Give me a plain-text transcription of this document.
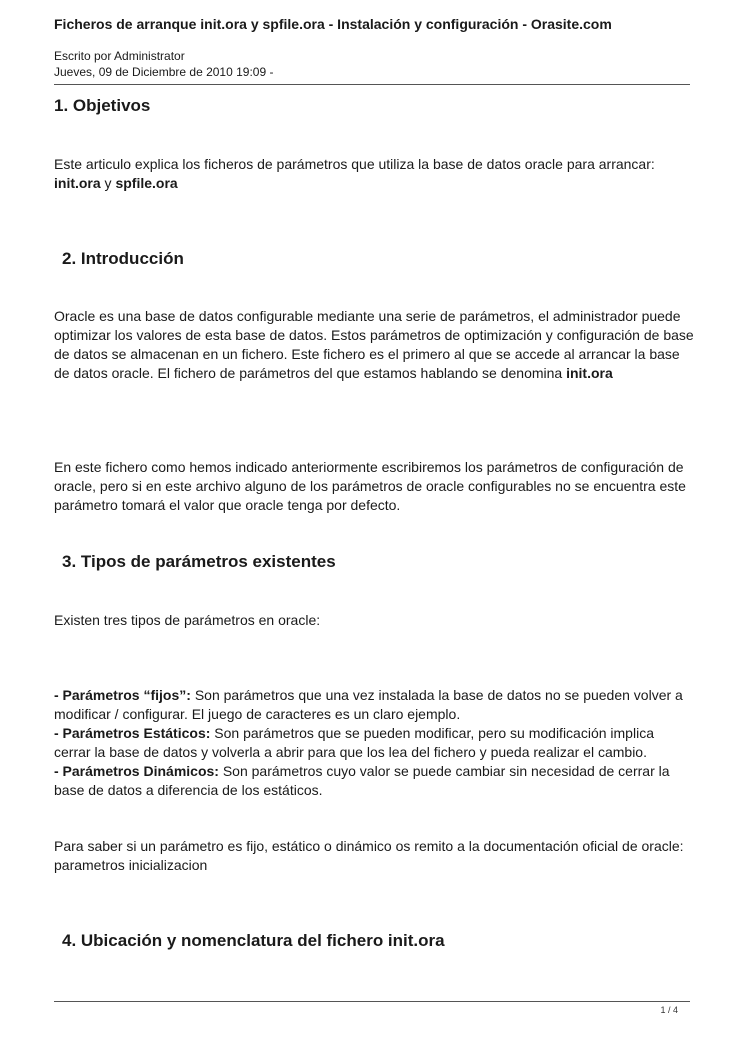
Ficheros de arranque init.ora y spfile.ora - Instalación y configuración - Orasite.com
Escrito por Administrator
Jueves, 09 de Diciembre de 2010 19:09 -
1. Objetivos

Este articulo explica los ficheros de parámetros que utiliza la base de datos oracle para arrancar: init.ora y spfile.ora

2. Introducción

Oracle es una base de datos configurable mediante una serie de parámetros, el administrador puede optimizar los valores de esta base de datos. Estos parámetros de optimización y configuración de base de datos se almacenan en un fichero. Este fichero es el primero al que se accede al arrancar la base de datos oracle. El fichero de parámetros del que estamos hablando se denomina init.ora

En este fichero como hemos indicado anteriormente escribiremos los parámetros de configuración de oracle, pero si en este archivo alguno de los parámetros de oracle configurables no se encuentra este parámetro tomará el valor que oracle tenga por defecto.

3. Tipos de parámetros existentes

Existen tres tipos de parámetros en oracle:

- Parámetros “fijos”: Son parámetros que una vez instalada la base de datos no se pueden volver a modificar / configurar. El juego de caracteres es un claro ejemplo.
- Parámetros Estáticos: Son parámetros que se pueden modificar, pero su modificación implica cerrar la base de datos y volverla a abrir para que los lea del fichero y pueda realizar el cambio.
- Parámetros Dinámicos: Son parámetros cuyo valor se puede cambiar sin necesidad de cerrar la base de datos a diferencia de los estáticos.

Para saber si un parámetro es fijo, estático o dinámico os remito a la documentación oficial de oracle: parametros inicializacion

4. Ubicación y nomenclatura del fichero init.ora
1 / 4
